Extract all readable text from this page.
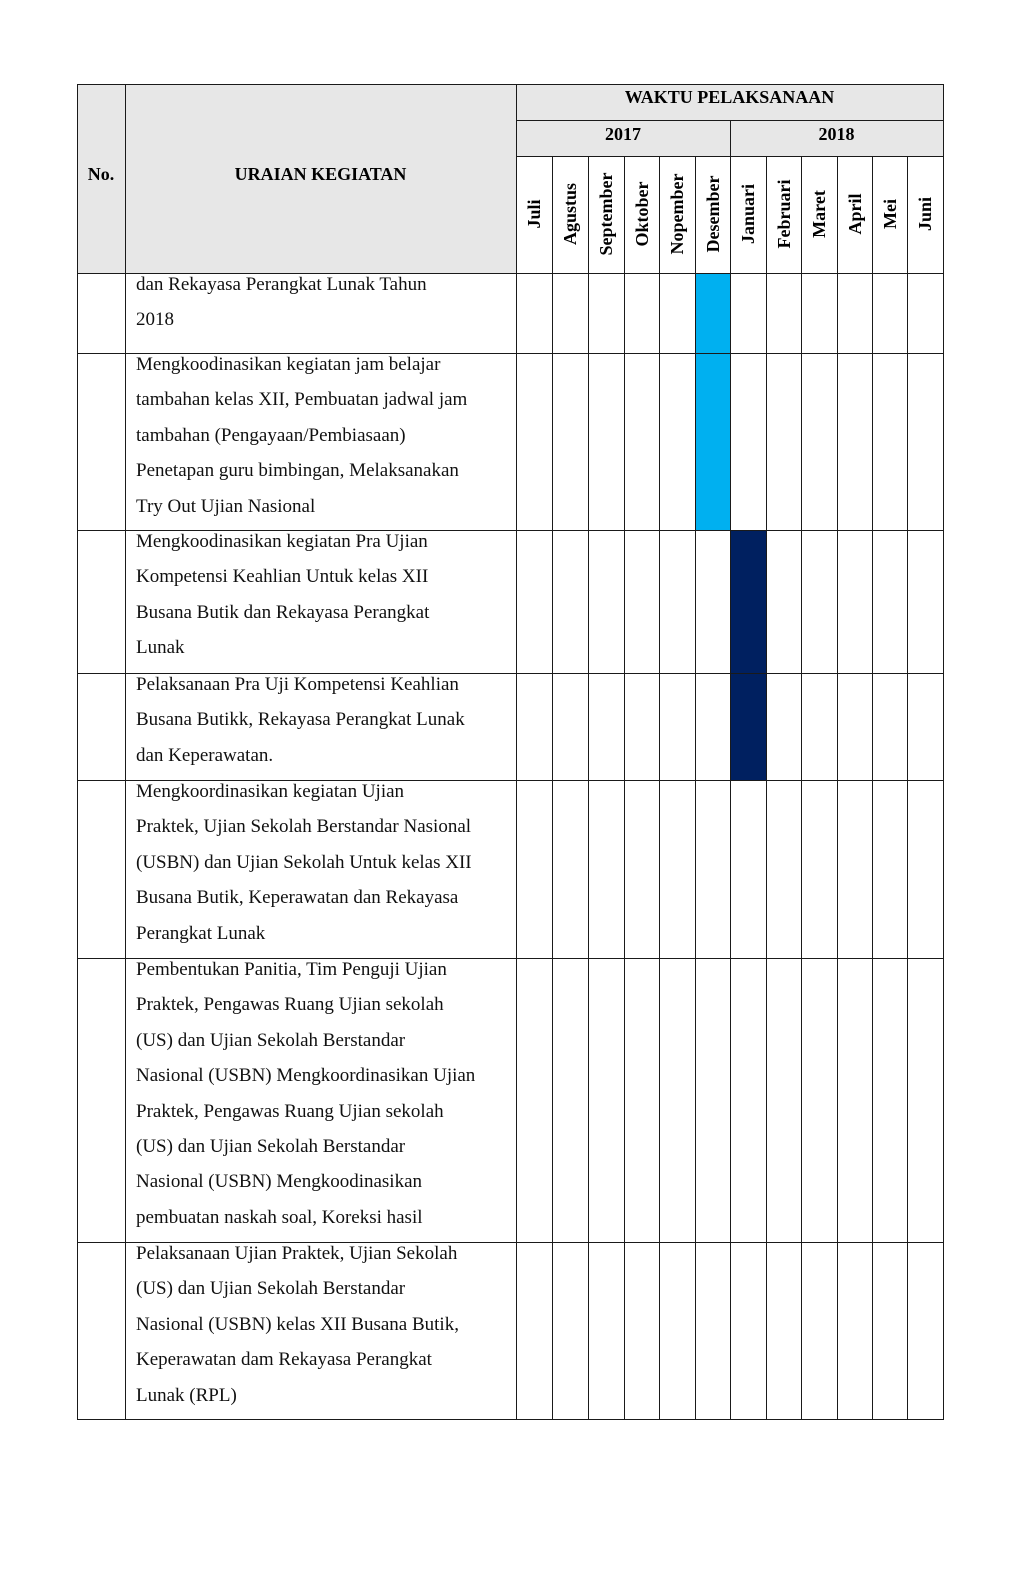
No.	URAIAN KEGIATAN
WAKTU PELAKSANAAN
2017	2018
Juli Agustus September Oktober Nopember Desember Januari Februari Maret April Mei Juni
dan Rekayasa Perangkat Lunak Tahun
2018
Mengkoodinasikan kegiatan jam belajar
tambahan kelas XII, Pembuatan jadwal jam
tambahan (Pengayaan/Pembiasaan)
Penetapan guru bimbingan, Melaksanakan
Try Out Ujian Nasional
Mengkoodinasikan kegiatan Pra Ujian
Kompetensi Keahlian Untuk kelas XII
Busana Butik dan Rekayasa Perangkat
Lunak
Pelaksanaan Pra Uji Kompetensi Keahlian
Busana Butikk, Rekayasa Perangkat Lunak
dan Keperawatan.
Mengkoordinasikan kegiatan Ujian
Praktek, Ujian Sekolah Berstandar Nasional
(USBN) dan Ujian Sekolah Untuk kelas XII
Busana Butik, Keperawatan dan Rekayasa
Perangkat Lunak
Pembentukan Panitia, Tim Penguji Ujian
Praktek, Pengawas Ruang Ujian sekolah
(US) dan Ujian Sekolah Berstandar
Nasional (USBN) Mengkoordinasikan Ujian
Praktek, Pengawas Ruang Ujian sekolah
(US) dan Ujian Sekolah Berstandar
Nasional (USBN) Mengkoodinasikan
pembuatan naskah soal, Koreksi hasil
Pelaksanaan Ujian Praktek, Ujian Sekolah
(US) dan Ujian Sekolah Berstandar
Nasional (USBN) kelas XII Busana Butik,
Keperawatan dam Rekayasa Perangkat
Lunak (RPL)
